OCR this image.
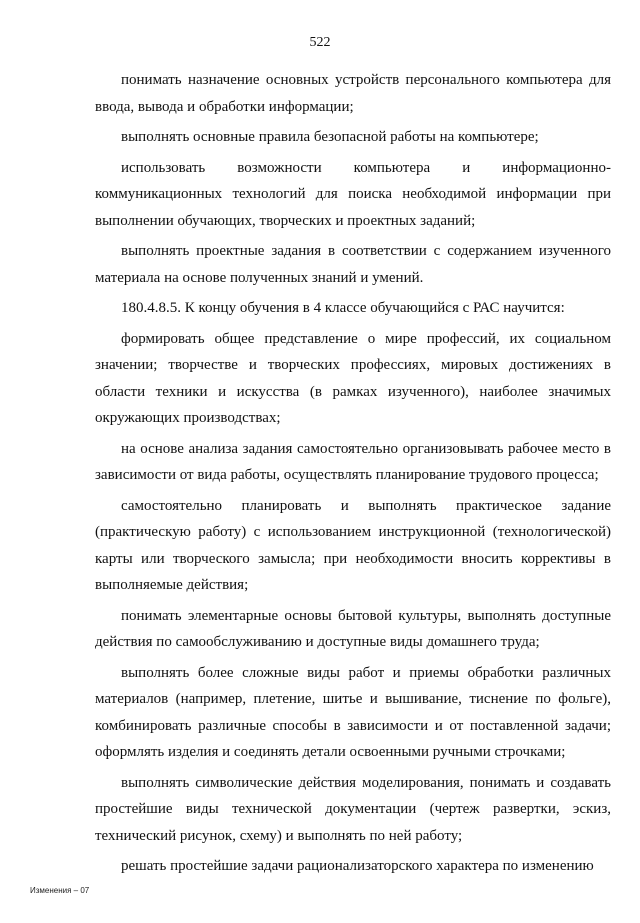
522

понимать назначение основных устройств персонального компьютера для ввода, вывода и обработки информации;

выполнять основные правила безопасной работы на компьютере;

использовать возможности компьютера и информационно-коммуникационных технологий для поиска необходимой информации при выполнении обучающих, творческих и проектных заданий;

выполнять проектные задания в соответствии с содержанием изученного материала на основе полученных знаний и умений.

180.4.8.5. К концу обучения в 4 классе обучающийся с РАС научится:

формировать общее представление о мире профессий, их социальном значении; творчестве и творческих профессиях, мировых достижениях в области техники и искусства (в рамках изученного), наиболее значимых окружающих производствах;

на основе анализа задания самостоятельно организовывать рабочее место в зависимости от вида работы, осуществлять планирование трудового процесса;

самостоятельно планировать и выполнять практическое задание (практическую работу) с использованием инструкционной (технологической) карты или творческого замысла; при необходимости вносить коррективы в выполняемые действия;

понимать элементарные основы бытовой культуры, выполнять доступные действия по самообслуживанию и доступные виды домашнего труда;

выполнять более сложные виды работ и приемы обработки различных материалов (например, плетение, шитье и вышивание, тиснение по фольге), комбинировать различные способы в зависимости и от поставленной задачи; оформлять изделия и соединять детали освоенными ручными строчками;

выполнять символические действия моделирования, понимать и создавать простейшие виды технической документации (чертеж развертки, эскиз, технический рисунок, схему) и выполнять по ней работу;

решать простейшие задачи рационализаторского характера по изменению

Изменения – 07
